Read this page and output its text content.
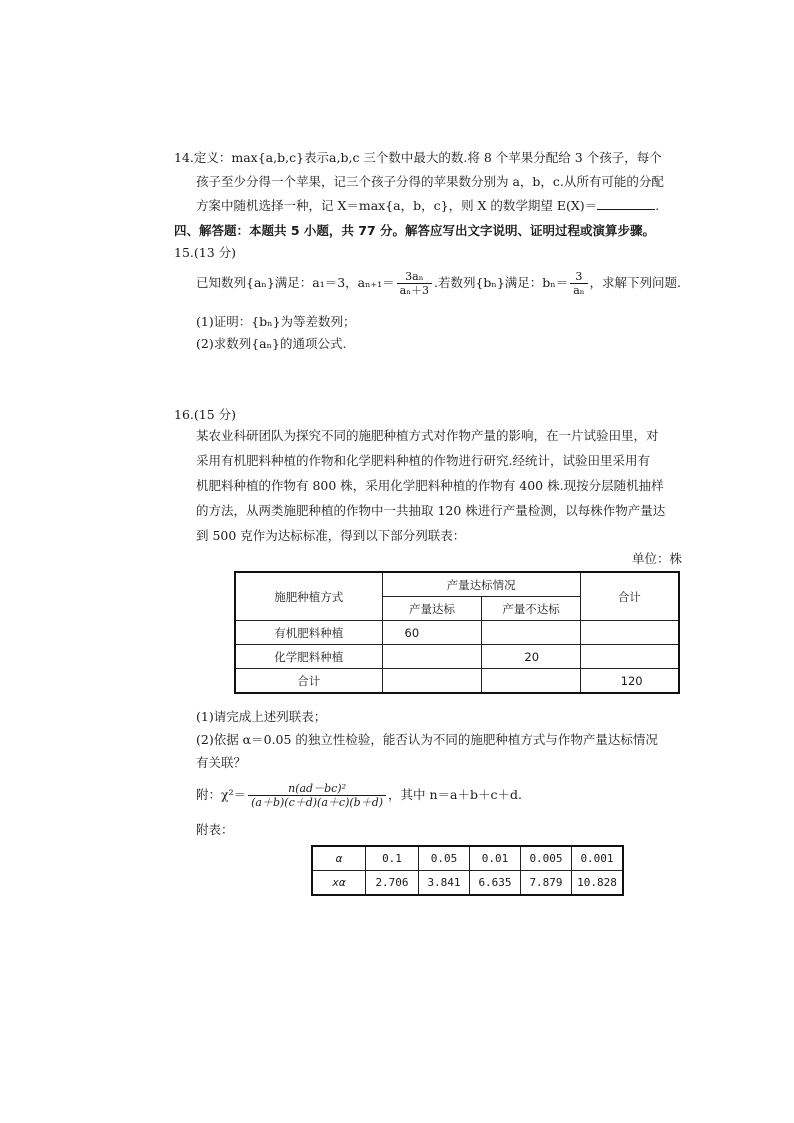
14.定义：max{a,b,c}表示a,b,c 三个数中最大的数.将 8 个苹果分配给 3 个孩子，每个
孩子至少分得一个苹果，记三个孩子分得的苹果数分别为 a，b，c.从所有可能的分配
方案中随机选择一种，记 X＝max{a，b，c}，则 X 的数学期望 E(X)＝	.
四、解答题：本题共 5 小题，共 77 分。解答应写出文字说明、证明过程或演算步骤。
15.(13 分)
已知数列{aₙ}满足：a₁＝3，$a_{n+1}= \frac{\text{3aₙ}}{\text{aₙ＋3}}$ .若数列{bₙ}满足：$b_n= \frac{3}{\text{aₙ}}$ ，求解下列问题.
(1)证明：{bₙ}为等差数列；
(2)求数列{aₙ}的通项公式.
16.(15 分)
某农业科研团队为探究不同的施肥种植方式对作物产量的影响，在一片试验田里，对
采用有机肥料种植的作物和化学肥料种植的作物进行研究.经统计，试验田里采用有
机肥料种植的作物有 800 株，采用化学肥料种植的作物有 400 株.现按分层随机抽样
的方法，从两类施肥种植的作物中一共抽取 120 株进行产量检测，以每株作物产量达
到 500 克作为达标标准，得到以下部分列联表：
单位：株
施肥种植方式	产量达标情况		合计
	产量达标	产量不达标	
有机肥料种植	60		
化学肥料种植		20	
合计			120
(1)请完成上述列联表；
(2)依据 α＝0.05 的独立性检验，能否认为不同的施肥种植方式与作物产量达标情况
有关联？
附：$\chi^2= \frac{\text{n(ad－bc)²}}{(a+b)(c+d)(a+c)(b+d)}$ ，其中 n＝a＋b＋c＋d.
附表：
α	0.1	0.05	0.01	0.005	0.001
xα	2.706	3.841	6.635	7.879	10.828
